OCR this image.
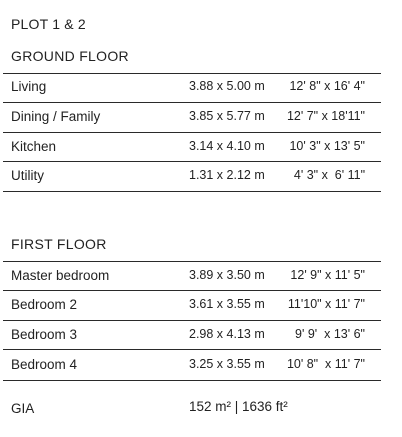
PLOT 1 & 2
GROUND FLOOR
Living	3.88 x 5.00 m 12' 8" x 16' 4"
Dining / Family	3.85 x 5.77 m 12' 7" x 18'11"
Kitchen	3.14 x 4.10 m 10' 3" x 13' 5"
Utility	1.31 x 2.12 m 4' 3" x  6' 11"
FIRST FLOOR
Master bedroom	3.89 x 3.50 m 12' 9" x 11' 5"
Bedroom 2	3.61 x 3.55 m 11'10" x 11' 7"
Bedroom 3	2.98 x 4.13 m 9' 9'  x 13' 6"
Bedroom 4	3.25 x 3.55 m 10' 8"  x 11' 7"
GIA	152 m² | 1636 ft²
